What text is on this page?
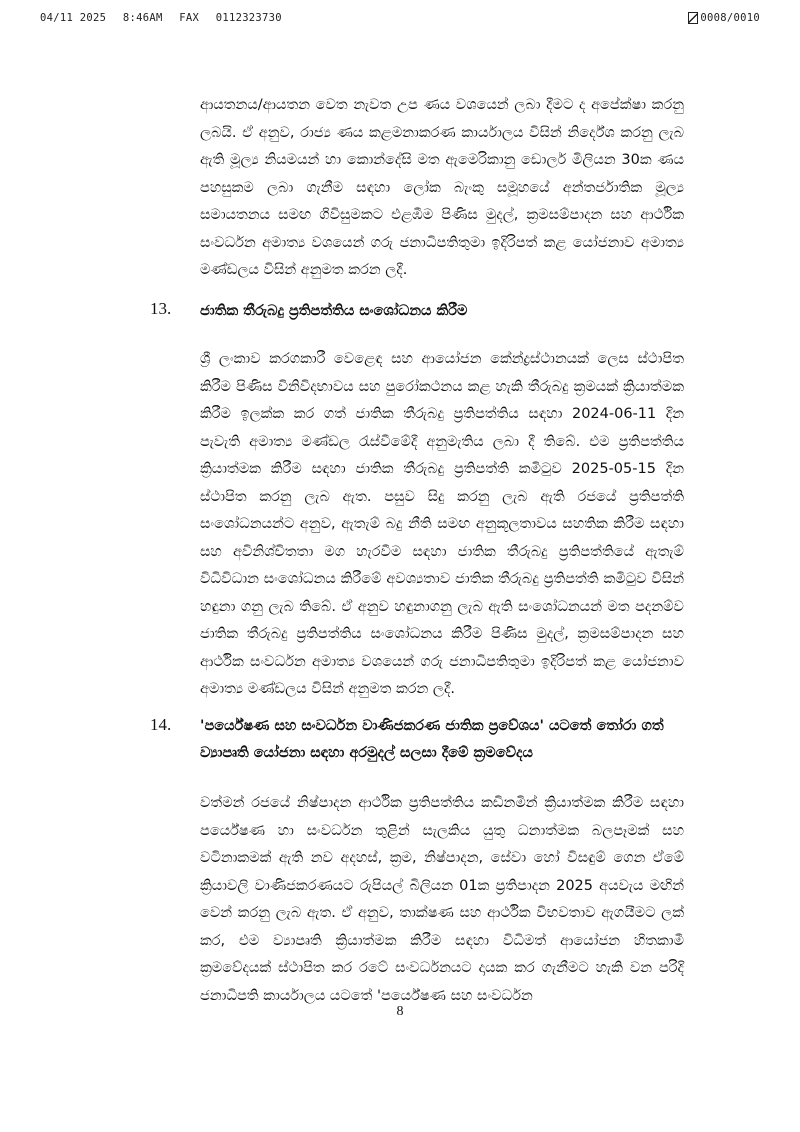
04/11 2025 8:46AM FAX 0112323730	0008/0010
ආයතනය/ආයතන වෙත නැවත උප ණය වශයෙන් ලබා දීමට ද අපේක්ෂා කරනු ලබයි. ඒ අනුව, රාජ්‍ය ණය කළමනාකරණ කාර්යාලය විසින් නිර්දේශ කරනු ලැබ ඇති මූල්‍ය නියමයන් හා කොන්දේසි මත ඇමෙරිකානු ඩොලර් මිලියන 30ක ණය පහසුකම ලබා ගැනීම සඳහා ලෝක බැංකු සමූහයේ අන්තර්ජාතික මූල්‍ය සමායතනය සමඟ ගිවිසුමකට එළඹීම පිණිස මුදල්, ක්‍රමසම්පාදන සහ ආර්ථික සංවර්ධන අමාත්‍ය වශයෙන් ගරු ජනාධිපතිතුමා ඉදිරිපත් කළ යෝජනාව අමාත්‍ය මණ්ඩලය විසින් අනුමත කරන ලදී.
13. ජාතික තීරුබදු ප්‍රතිපත්තිය සංශෝධනය කිරීම
ශ්‍රී ලංකාව කරගකාරී වෙළෙඳ සහ ආයෝජන කේන්ද්‍රස්ථානයක් ලෙස ස්ථාපිත කිරීම පිණිස විනිවිදභාවය සහ පුරෝකථනය කළ හැකි තීරුබදු ක්‍රමයක් ක්‍රියාත්මක කිරීම ඉලක්ක කර ගත් ජාතික තීරුබදු ප්‍රතිපත්තිය සඳහා 2024-06-11 දින පැවැති අමාත්‍ය මණ්ඩල රැස්වීමේදී අනුමැතිය ලබා දී තිබේ. එම ප්‍රතිපත්තිය ක්‍රියාත්මක කිරීම සඳහා ජාතික තීරුබදු ප්‍රතිපත්ති කමිටුව 2025-05-15 දින ස්ථාපිත කරනු ලැබ ඇත. පසුව සිදු කරනු ලැබ ඇති රජයේ ප්‍රතිපත්ති සංශෝධනයන්ට අනුව, ඇතැම් බදු නීති සමඟ අනුකූලතාවය සහතික කිරීම සඳහා සහ අවිනිශ්චිතතා මග හැරවීම සඳහා ජාතික තීරුබදු ප්‍රතිපත්තියේ ඇතැම් විධිවිධාන සංශෝධනය කිරීමේ අවශ්‍යතාව ජාතික තීරුබදු ප්‍රතිපත්ති කමිටුව විසින් හඳුනා ගනු ලැබ තිබේ. ඒ අනුව හඳුනාගනු ලැබ ඇති සංශෝධනයන් මත පදනම්ව ජාතික තීරුබදු ප්‍රතිපත්තිය සංශෝධනය කිරීම පිණිස මුදල්, ක්‍රමසම්පාදන සහ ආර්ථික සංවර්ධන අමාත්‍ය වශයෙන් ගරු ජනාධිපතිතුමා ඉදිරිපත් කළ යෝජනාව අමාත්‍ය මණ්ඩලය විසින් අනුමත කරන ලදී.
14. 'පර්යේෂණ සහ සංවර්ධන වාණිජකරණ ජාතික ප්‍රවේශය' යටතේ තෝරා ගත් ව්‍යාපෘති යෝජනා සඳහා අරමුදල් සලසා දීමේ ක්‍රමවේදය
වත්මන් රජයේ නිෂ්පාදන ආර්ථික ප්‍රතිපත්තිය කඩිනමින් ක්‍රියාත්මක කිරීම සඳහා පර්යේෂණ හා සංවර්ධන තුළින් සැලකිය යුතු ධනාත්මක බලපෑමක් සහ වටිනාකමක් ඇති නව අදහස්, ක්‍රම, නිෂ්පාදන, සේවා හෝ විසඳුම් ගෙන ඒමේ ක්‍රියාවලි වාණිජකරණයට රුපියල් බිලියන 01ක ප්‍රතිපාදන 2025 අයවැය මඟින් වෙන් කරනු ලැබ ඇත. ඒ අනුව, තාක්ෂණ සහ ආර්ථික විභවතාව ඇගයීමට ලක් කර, එම ව්‍යාපෘති ක්‍රියාත්මක කිරීම සඳහා විධිමත් ආයෝජන හිතකාමී ක්‍රමවේදයක් ස්ථාපිත කර රටේ සංවර්ධනයට දායක කර ගැනීමට හැකි වන පරිදි ජනාධිපති කාර්යාලය යටතේ 'පර්යේෂණ සහ සංවර්ධන
8
